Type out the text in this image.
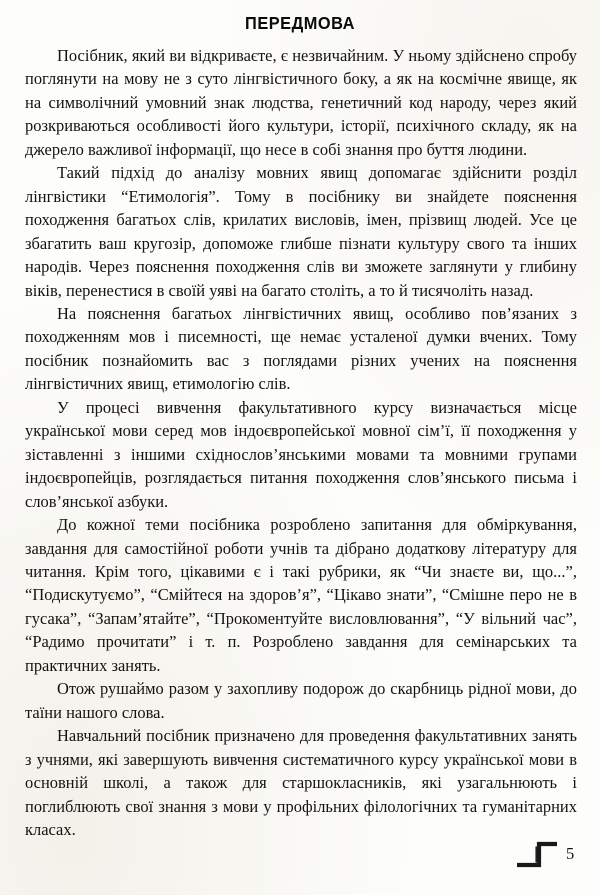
ПЕРЕДМОВА

Посібник, який ви відкриваєте, є незвичайним. У ньому здійснено спробу поглянути на мову не з суто лінгвістичного боку, а як на космічне явище, як на символічний умовний знак людства, генетичний код народу, через який розкриваються особливості його культури, історії, психічного складу, як на джерело важливої інформації, що несе в собі знання про буття людини.

Такий підхід до аналізу мовних явищ допомагає здійснити розділ лінгвістики “Етимологія”. Тому в посібнику ви знайдете пояснення походження багатьох слів, крилатих висловів, імен, прізвищ людей. Усе це збагатить ваш кругозір, допоможе глибше пізнати культуру свого та інших народів. Через пояснення походження слів ви зможете заглянути у глибину віків, перенестися в своїй уяві на багато століть, а то й тисячоліть назад.

На пояснення багатьох лінгвістичних явищ, особливо пов’язаних з походженням мов і писемності, ще немає усталеної думки вчених. Тому посібник познайомить вас з поглядами різних учених на пояснення лінгвістичних явищ, етимологію слів.

У процесі вивчення факультативного курсу визначається місце української мови серед мов індоєвропейської мовної сім’ї, її походження у зіставленні з іншими східнослов’янськими мовами та мовними групами індоєвропейців, розглядається питання походження слов’янського письма і слов’янської азбуки.

До кожної теми посібника розроблено запитання для обміркування, завдання для самостійної роботи учнів та дібрано додаткову літературу для читання. Крім того, цікавими є і такі рубрики, як “Чи знаєте ви, що...”, “Подискутуємо”, “Смійтеся на здоров’я”, “Цікаво знати”, “Смішне перо не в гусака”, “Запам’ятайте”, “Прокоментуйте висловлювання”, “У вільний час”, “Радимо прочитати” і т. п. Розроблено завдання для семінарських та практичних занять.

Отож рушаймо разом у захопливу подорож до скарбниць рідної мови, до таїни нашого слова.

Навчальний посібник призначено для проведення факультативних занять з учнями, які завершують вивчення систематичного курсу української мови в основній школі, а також для старшокласників, які узагальнюють і поглиблюють свої знання з мови у профільних філологічних та гуманітарних класах.

5
